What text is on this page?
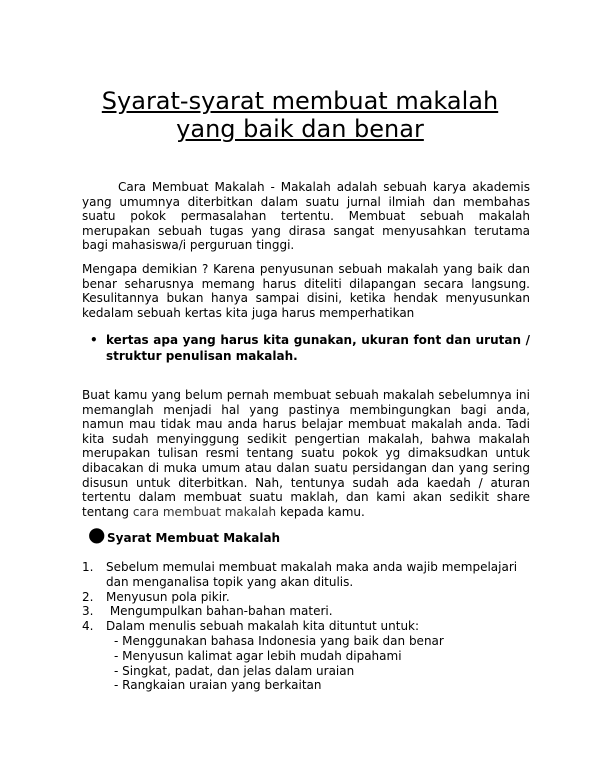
Syarat-syarat membuat makalah
yang baik dan benar

Cara Membuat Makalah - Makalah adalah sebuah karya akademis yang umumnya diterbitkan dalam suatu jurnal ilmiah dan membahas suatu pokok permasalahan tertentu. Membuat sebuah makalah merupakan sebuah tugas yang dirasa sangat menyusahkan terutama bagi mahasiswa/i perguruan tinggi.

Mengapa demikian ? Karena penyusunan sebuah makalah yang baik dan benar seharusnya memang harus diteliti dilapangan secara langsung. Kesulitannya bukan hanya sampai disini, ketika hendak menyusunkan kedalam sebuah kertas kita juga harus memperhatikan

• kertas apa yang harus kita gunakan, ukuran font dan urutan / struktur penulisan makalah.

Buat kamu yang belum pernah membuat sebuah makalah sebelumnya ini memanglah menjadi hal yang pastinya membingungkan bagi anda, namun mau tidak mau anda harus belajar membuat makalah anda. Tadi kita sudah menyinggung sedikit pengertian makalah, bahwa makalah merupakan tulisan resmi tentang suatu pokok yg dimaksudkan untuk dibacakan di muka umum atau dalan suatu persidangan dan yang sering disusun untuk diterbitkan. Nah, tentunya sudah ada kaedah / aturan tertentu dalam membuat suatu maklah, dan kami akan sedikit share tentang cara membuat makalah kepada kamu.

● Syarat Membuat Makalah
1. Sebelum memulai membuat makalah maka anda wajib mempelajari dan menganalisa topik yang akan ditulis.
2. Menyusun pola pikir.
3. Mengumpulkan bahan-bahan materi.
4. Dalam menulis sebuah makalah kita dituntut untuk:
- Menggunakan bahasa Indonesia yang baik dan benar
- Menyusun kalimat agar lebih mudah dipahami
- Singkat, padat, dan jelas dalam uraian
- Rangkaian uraian yang berkaitan
